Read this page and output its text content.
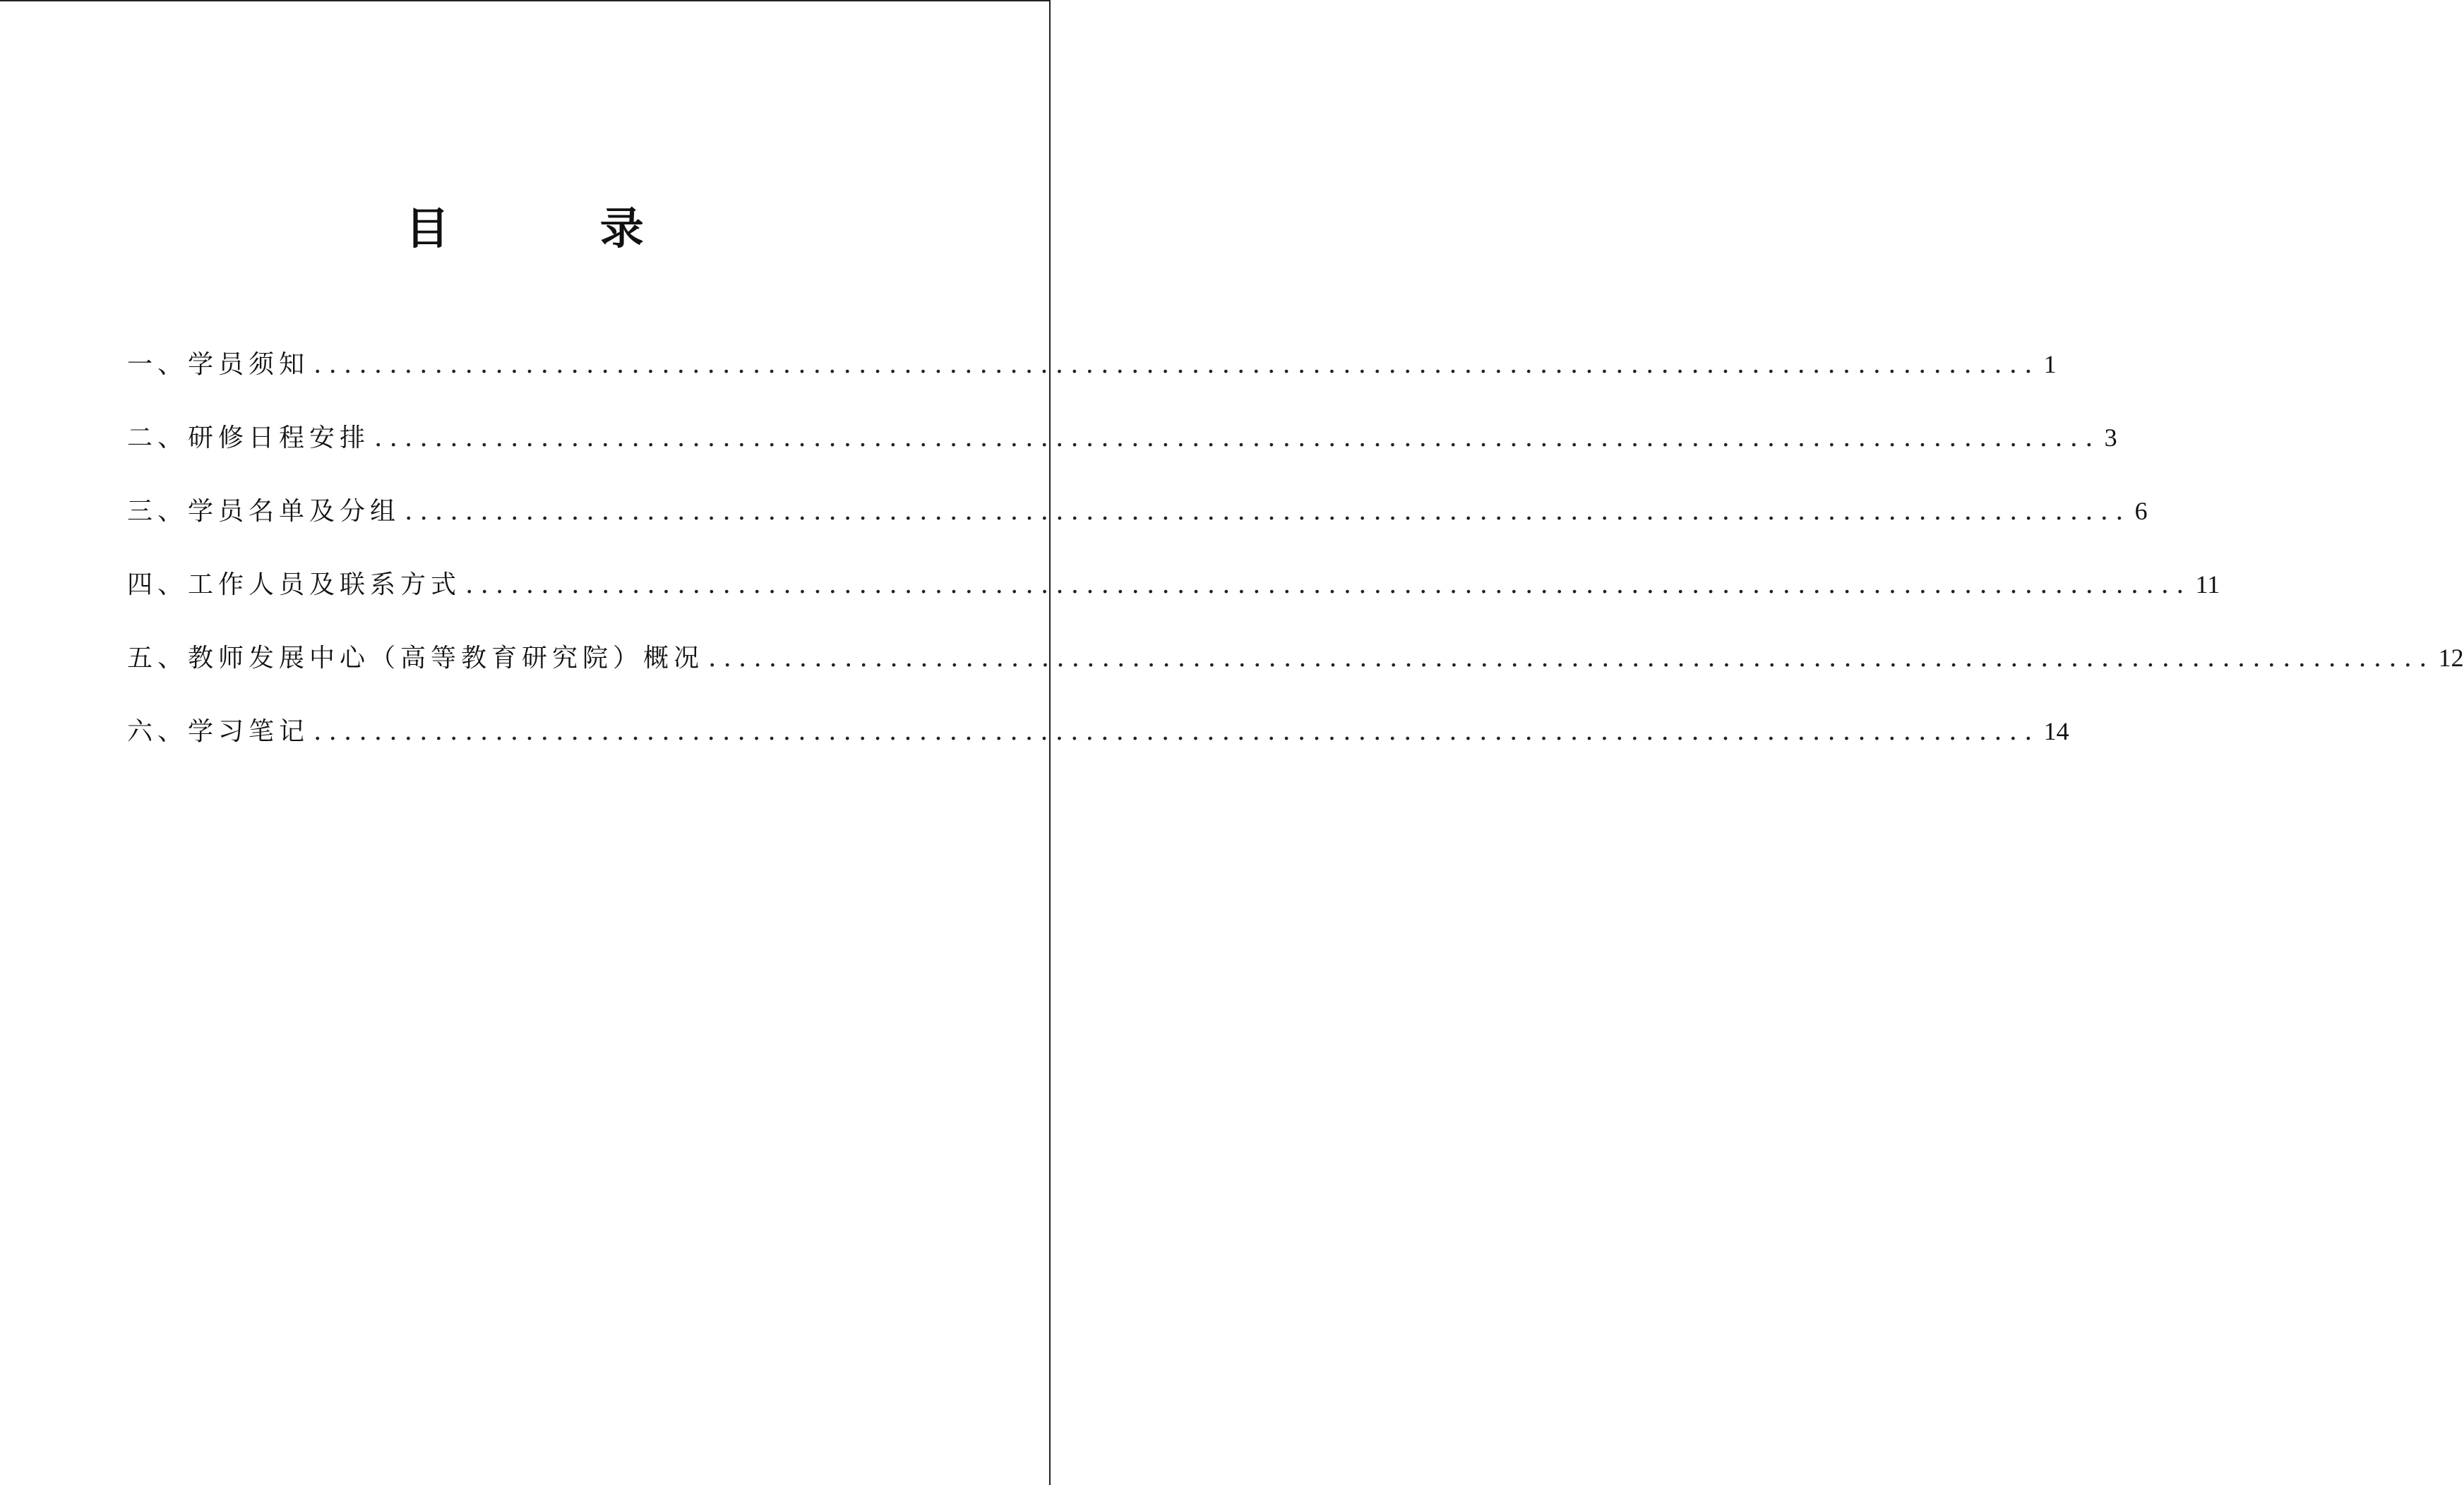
目 录
一、学员须知 .................................................................................................................. 1
二、研修日程安排 .................................................................................................................. 3
三、学员名单及分组 .................................................................................................................. 6
四、工作人员及联系方式 .................................................................................................................. 11
五、教师发展中心（高等教育研究院）概况 .................................................................................................................. 12
六、学习笔记 .................................................................................................................. 14
